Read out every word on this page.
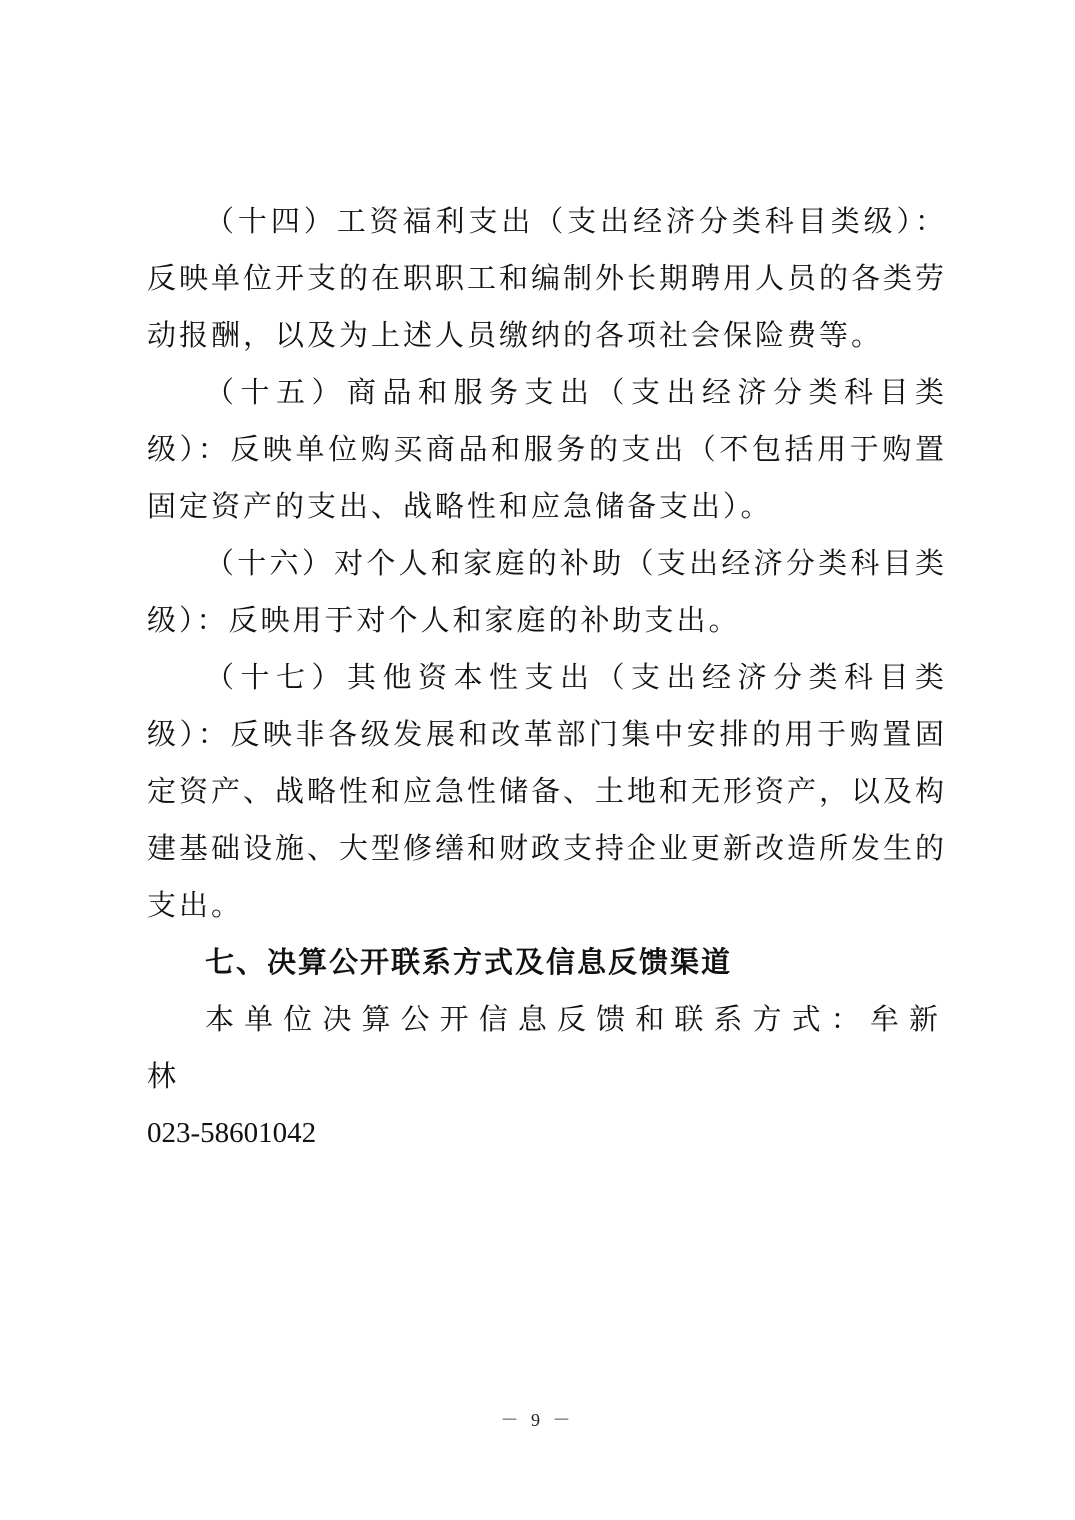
（十四）工资福利支出（支出经济分类科目类级）：反映单位开支的在职职工和编制外长期聘用人员的各类劳动报酬，以及为上述人员缴纳的各项社会保险费等。

（十五）商品和服务支出（支出经济分类科目类级）：反映单位购买商品和服务的支出（不包括用于购置固定资产的支出、战略性和应急储备支出）。

（十六）对个人和家庭的补助（支出经济分类科目类级）：反映用于对个人和家庭的补助支出。

（十七）其他资本性支出（支出经济分类科目类级）：反映非各级发展和改革部门集中安排的用于购置固定资产、战略性和应急性储备、土地和无形资产，以及构建基础设施、大型修缮和财政支持企业更新改造所发生的支出。

七、决算公开联系方式及信息反馈渠道

本单位决算公开信息反馈和联系方式：牟新林

023-58601042

－ 9 －
